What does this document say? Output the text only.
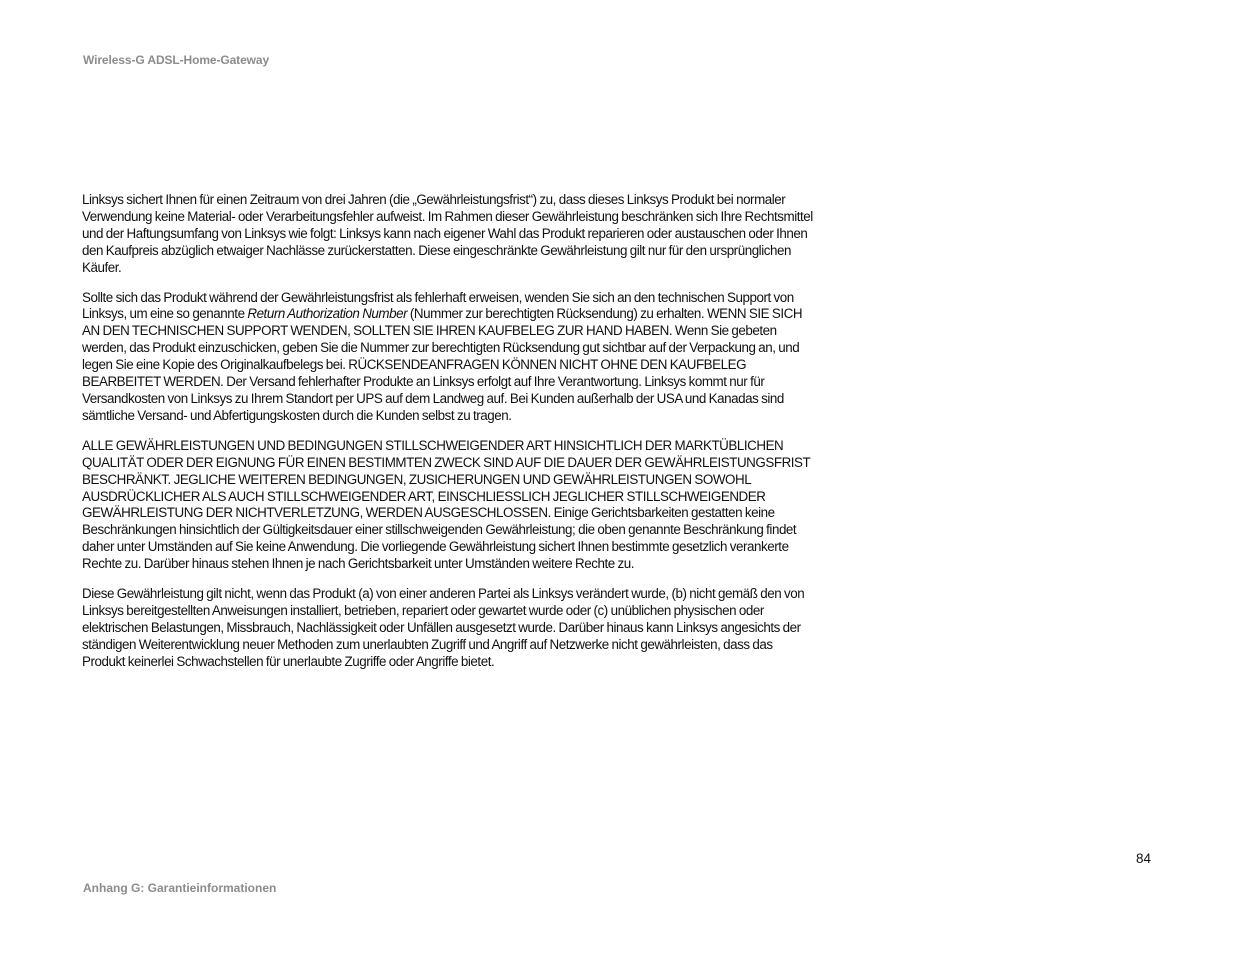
Wireless-G ADSL-Home-Gateway

Linksys sichert Ihnen für einen Zeitraum von drei Jahren (die „Gewährleistungsfrist“) zu, dass dieses Linksys Produkt bei normaler Verwendung keine Material- oder Verarbeitungsfehler aufweist. Im Rahmen dieser Gewährleistung beschränken sich Ihre Rechtsmittel und der Haftungsumfang von Linksys wie folgt: Linksys kann nach eigener Wahl das Produkt reparieren oder austauschen oder Ihnen den Kaufpreis abzüglich etwaiger Nachlässe zurückerstatten. Diese eingeschränkte Gewährleistung gilt nur für den ursprünglichen Käufer.

Sollte sich das Produkt während der Gewährleistungsfrist als fehlerhaft erweisen, wenden Sie sich an den technischen Support von Linksys, um eine so genannte Return Authorization Number (Nummer zur berechtigten Rücksendung) zu erhalten. WENN SIE SICH AN DEN TECHNISCHEN SUPPORT WENDEN, SOLLTEN SIE IHREN KAUFBELEG ZUR HAND HABEN. Wenn Sie gebeten werden, das Produkt einzuschicken, geben Sie die Nummer zur berechtigten Rücksendung gut sichtbar auf der Verpackung an, und legen Sie eine Kopie des Originalkaufbelegs bei. RÜCKSENDEANFRAGEN KÖNNEN NICHT OHNE DEN KAUFBELEG BEARBEITET WERDEN. Der Versand fehlerhafter Produkte an Linksys erfolgt auf Ihre Verantwortung. Linksys kommt nur für Versandkosten von Linksys zu Ihrem Standort per UPS auf dem Landweg auf. Bei Kunden außerhalb der USA und Kanadas sind sämtliche Versand- und Abfertigungskosten durch die Kunden selbst zu tragen.

ALLE GEWÄHRLEISTUNGEN UND BEDINGUNGEN STILLSCHWEIGENDER ART HINSICHTLICH DER MARKTÜBLICHEN QUALITÄT ODER DER EIGNUNG FÜR EINEN BESTIMMTEN ZWECK SIND AUF DIE DAUER DER GEWÄHRLEISTUNGSFRIST BESCHRÄNKT. JEGLICHE WEITEREN BEDINGUNGEN, ZUSICHERUNGEN UND GEWÄHRLEISTUNGEN SOWOHL AUSDRÜCKLICHER ALS AUCH STILLSCHWEIGENDER ART, EINSCHLIESSLICH JEGLICHER STILLSCHWEIGENDER GEWÄHRLEISTUNG DER NICHTVERLETZUNG, WERDEN AUSGESCHLOSSEN. Einige Gerichtsbarkeiten gestatten keine Beschränkungen hinsichtlich der Gültigkeitsdauer einer stillschweigenden Gewährleistung; die oben genannte Beschränkung findet daher unter Umständen auf Sie keine Anwendung. Die vorliegende Gewährleistung sichert Ihnen bestimmte gesetzlich verankerte Rechte zu. Darüber hinaus stehen Ihnen je nach Gerichtsbarkeit unter Umständen weitere Rechte zu.

Diese Gewährleistung gilt nicht, wenn das Produkt (a) von einer anderen Partei als Linksys verändert wurde, (b) nicht gemäß den von Linksys bereitgestellten Anweisungen installiert, betrieben, repariert oder gewartet wurde oder (c) unüblichen physischen oder elektrischen Belastungen, Missbrauch, Nachlässigkeit oder Unfällen ausgesetzt wurde. Darüber hinaus kann Linksys angesichts der ständigen Weiterentwicklung neuer Methoden zum unerlaubten Zugriff und Angriff auf Netzwerke nicht gewährleisten, dass das Produkt keinerlei Schwachstellen für unerlaubte Zugriffe oder Angriffe bietet.

84
Anhang G: Garantieinformationen
